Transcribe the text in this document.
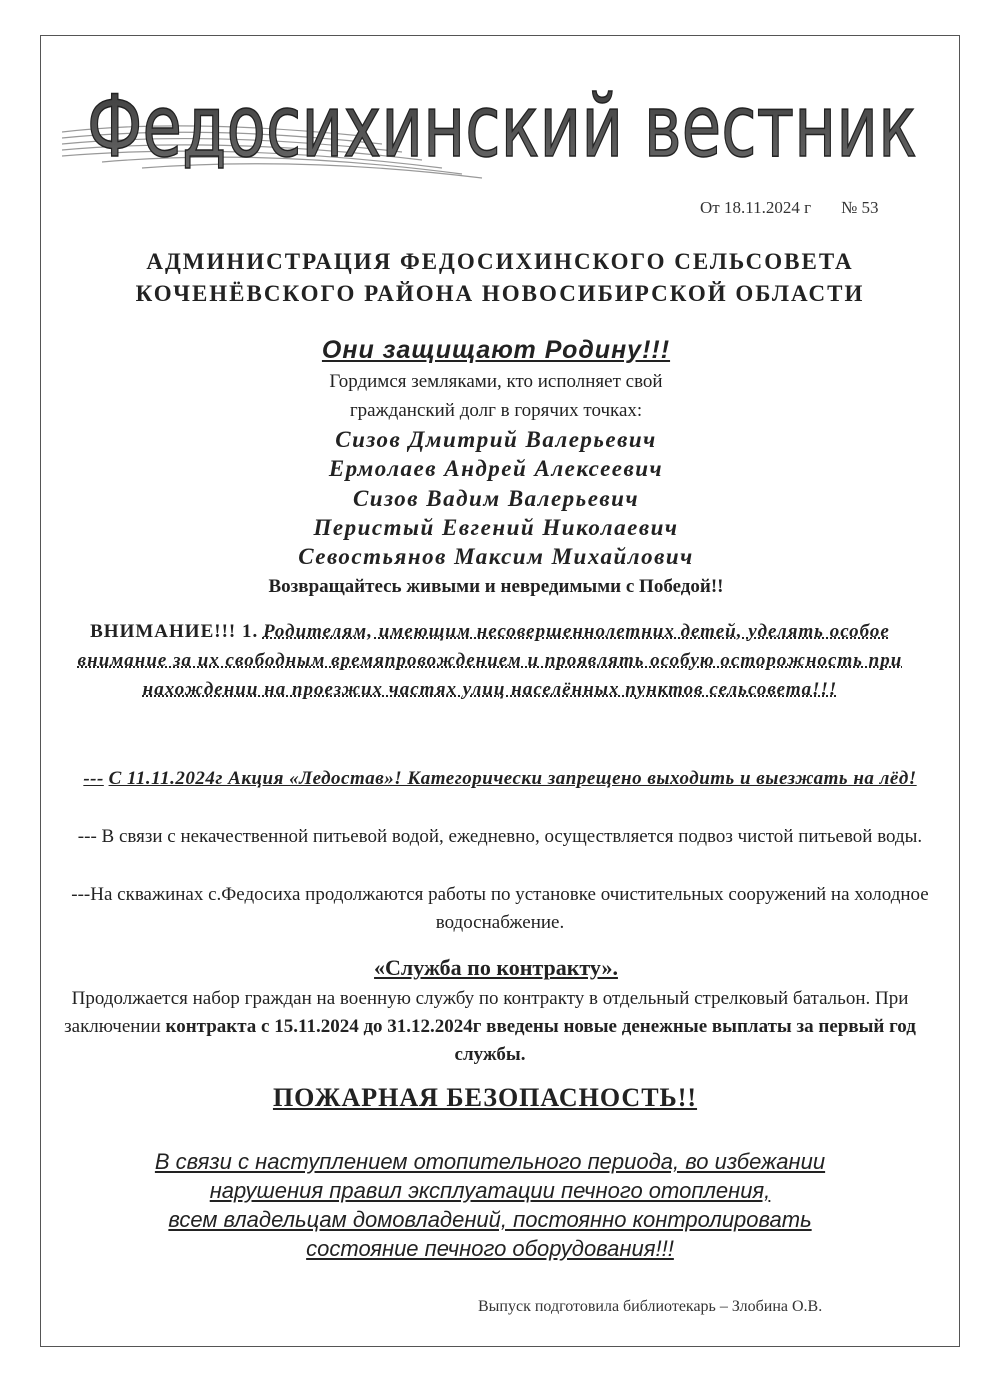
Федосихинский вестник
От 18.11.2024 г № 53
АДМИНИСТРАЦИЯ ФЕДОСИХИНСКОГО СЕЛЬСОВЕТА
КОЧЕНЁВСКОГО РАЙОНА НОВОСИБИРСКОЙ ОБЛАСТИ
Они защищают Родину!!!
Гордимся земляками, кто исполняет свой
гражданский долг в горячих точках:
Сизов Дмитрий Валерьевич
Ермолаев Андрей Алексеевич
Сизов Вадим Валерьевич
Перистый Евгений Николаевич
Севостьянов Максим Михайлович
Возвращайтесь живыми и невредимыми с Победой!!
ВНИМАНИЕ!!! 1. Родителям, имеющим несовершеннолетних детей, уделять особое внимание за их свободным времяпровождением и проявлять особую осторожность при нахождении на проезжих частях улиц населённых пунктов сельсовета!!!
--- С 11.11.2024г Акция «Ледостав»! Категорически запрещено выходить и выезжать на лёд!
--- В связи с некачественной питьевой водой, ежедневно, осуществляется подвоз чистой питьевой воды.
---На скважинах с.Федосиха продолжаются работы по установке очистительных сооружений на холодное водоснабжение.
«Служба по контракту».
Продолжается набор граждан на военную службу по контракту в отдельный стрелковый батальон. При заключении контракта с 15.11.2024 до 31.12.2024г введены новые денежные выплаты за первый год службы.
ПОЖАРНАЯ БЕЗОПАСНОСТЬ!!
В связи с наступлением отопительного периода, во избежании
нарушения правил эксплуатации печного отопления,
всем владельцам домовладений, постоянно контролировать
состояние печного оборудования!!!
Выпуск подготовила библиотекарь – Злобина О.В.
